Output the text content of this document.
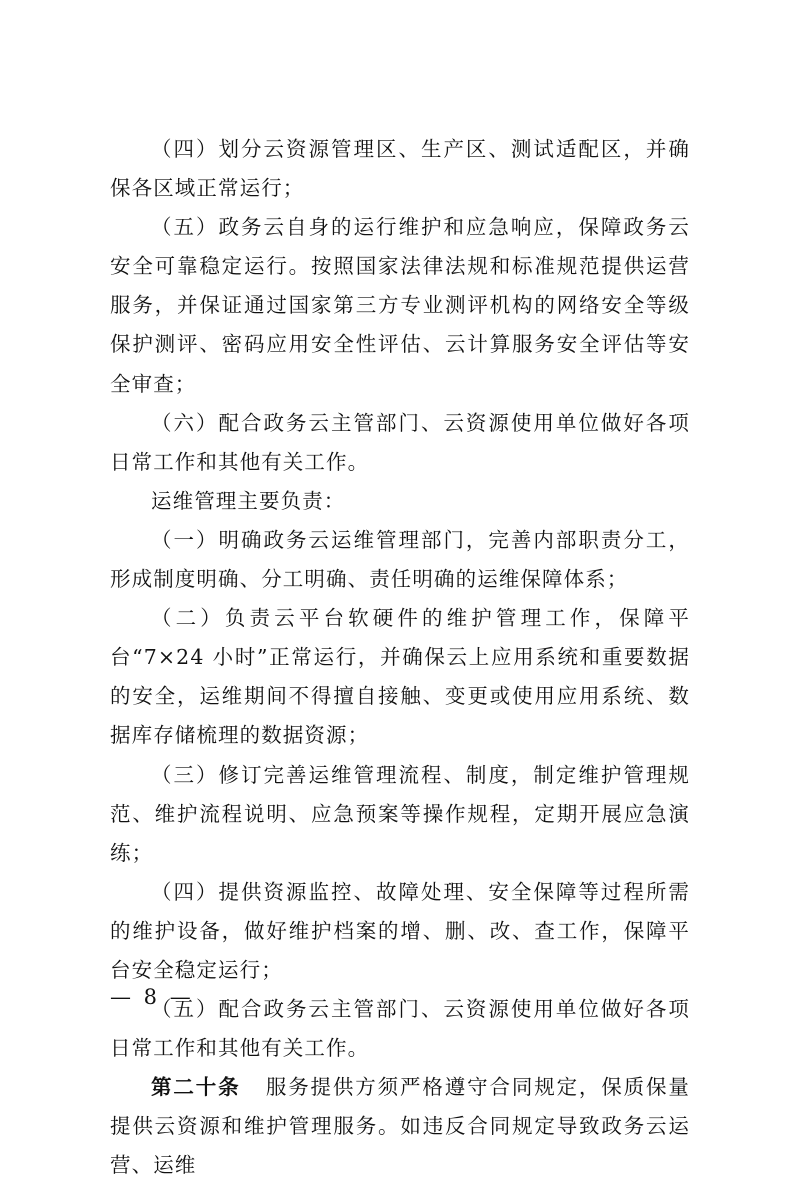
（四）划分云资源管理区、生产区、测试适配区，并确保各区域正常运行；

（五）政务云自身的运行维护和应急响应，保障政务云安全可靠稳定运行。按照国家法律法规和标准规范提供运营服务，并保证通过国家第三方专业测评机构的网络安全等级保护测评、密码应用安全性评估、云计算服务安全评估等安全审查；

（六）配合政务云主管部门、云资源使用单位做好各项日常工作和其他有关工作。

运维管理主要负责：

（一）明确政务云运维管理部门，完善内部职责分工，形成制度明确、分工明确、责任明确的运维保障体系；

（二）负责云平台软硬件的维护管理工作，保障平台“7×24 小时”正常运行，并确保云上应用系统和重要数据的安全，运维期间不得擅自接触、变更或使用应用系统、数据库存储梳理的数据资源；

（三）修订完善运维管理流程、制度，制定维护管理规范、维护流程说明、应急预案等操作规程，定期开展应急演练；

（四）提供资源监控、故障处理、安全保障等过程所需的维护设备，做好维护档案的增、删、改、查工作，保障平台安全稳定运行；

（五）配合政务云主管部门、云资源使用单位做好各项日常工作和其他有关工作。

第二十条 服务提供方须严格遵守合同规定，保质保量提供云资源和维护管理服务。如违反合同规定导致政务云运营、运维

— 8 —
